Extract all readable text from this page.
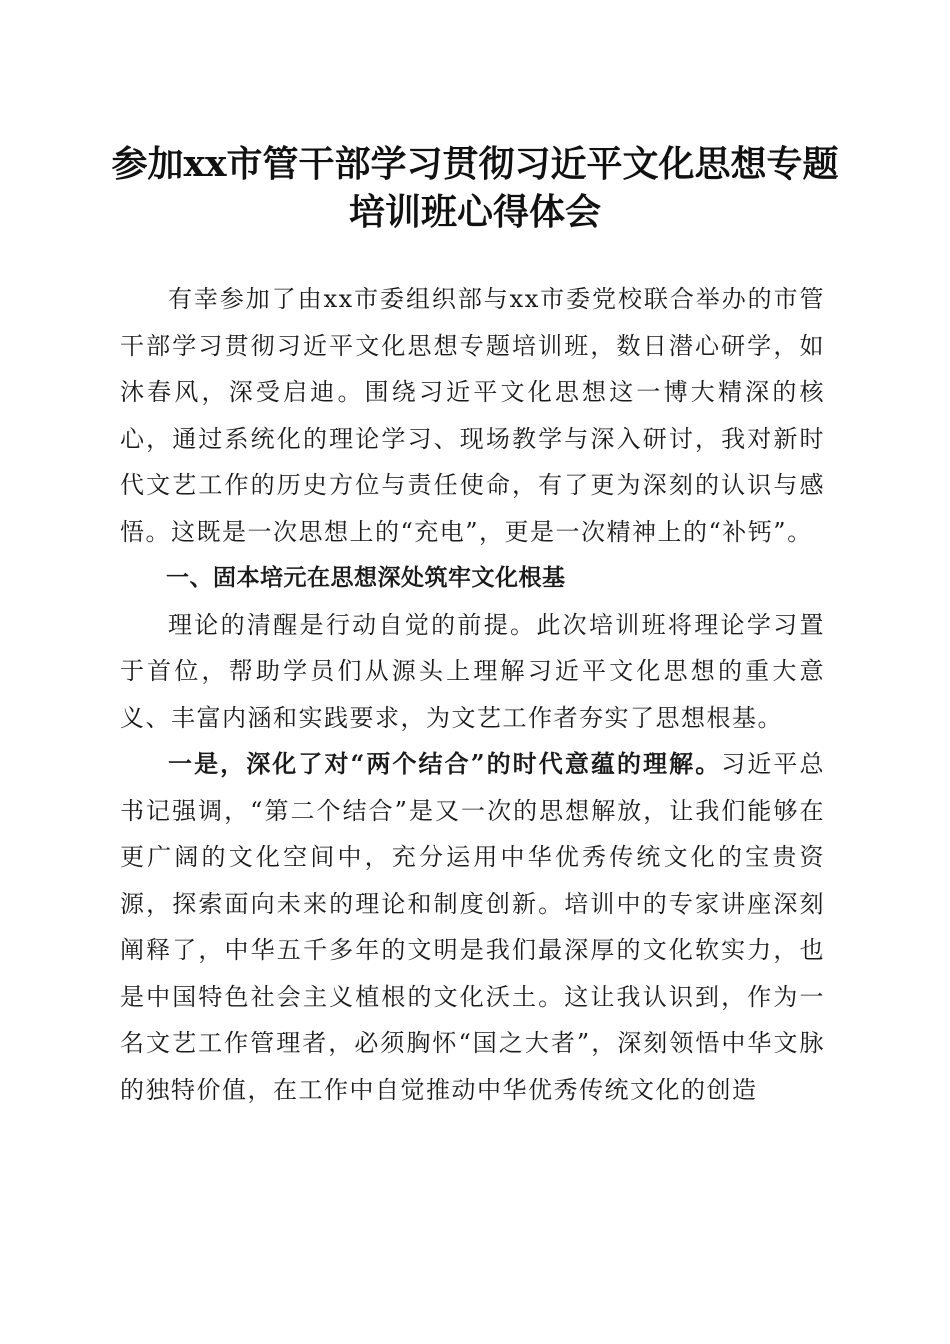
参加xx市管干部学习贯彻习近平文化思想专题培训班心得体会

有幸参加了由xx市委组织部与xx市委党校联合举办的市管干部学习贯彻习近平文化思想专题培训班，数日潜心研学，如沐春风，深受启迪。围绕习近平文化思想这一博大精深的核心，通过系统化的理论学习、现场教学与深入研讨，我对新时代文艺工作的历史方位与责任使命，有了更为深刻的认识与感悟。这既是一次思想上的“充电”，更是一次精神上的“补钙”。

一、固本培元在思想深处筑牢文化根基

理论的清醒是行动自觉的前提。此次培训班将理论学习置于首位，帮助学员们从源头上理解习近平文化思想的重大意义、丰富内涵和实践要求，为文艺工作者夯实了思想根基。

一是，深化了对“两个结合”的时代意蕴的理解。习近平总书记强调，“第二个结合”是又一次的思想解放，让我们能够在更广阔的文化空间中，充分运用中华优秀传统文化的宝贵资源，探索面向未来的理论和制度创新。培训中的专家讲座深刻阐释了，中华五千多年的文明是我们最深厚的文化软实力，也是中国特色社会主义植根的文化沃土。这让我认识到，作为一名文艺工作管理者，必须胸怀“国之大者”，深刻领悟中华文脉的独特价值，在工作中自觉推动中华优秀传统文化的创造
